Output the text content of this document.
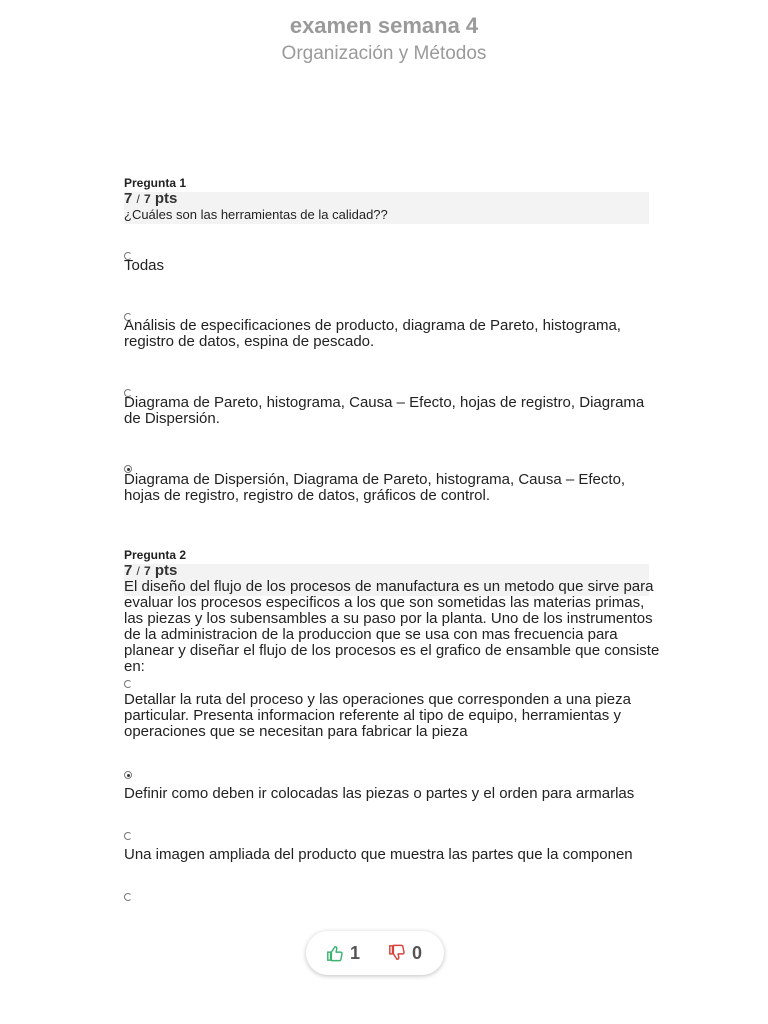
examen semana 4
Organización y Métodos
Pregunta 1
7 / 7 pts
¿Cuáles son las herramientas de la calidad??
Todas
Análisis de especificaciones de producto, diagrama de Pareto, histograma, registro de datos, espina de pescado.
Diagrama de Pareto, histograma, Causa – Efecto, hojas de registro, Diagrama de Dispersión.
Diagrama de Dispersión, Diagrama de Pareto, histograma, Causa – Efecto, hojas de registro, registro de datos, gráficos de control.
Pregunta 2
7 / 7 pts
El diseño del flujo de los procesos de manufactura es un metodo que sirve para evaluar los procesos especificos a los que son sometidas las materias primas, las piezas y los subensambles a su paso por la planta. Uno de los instrumentos de la administracion de la produccion que se usa con mas frecuencia para planear y diseñar el flujo de los procesos es el grafico de ensamble que consiste en:
Detallar la ruta del proceso y las operaciones que corresponden a una pieza particular. Presenta informacion referente al tipo de equipo, herramientas y operaciones que se necesitan para fabricar la pieza
Definir como deben ir colocadas las piezas o partes y el orden para armarlas
Una imagen ampliada del producto que muestra las partes que la componen
1	0
